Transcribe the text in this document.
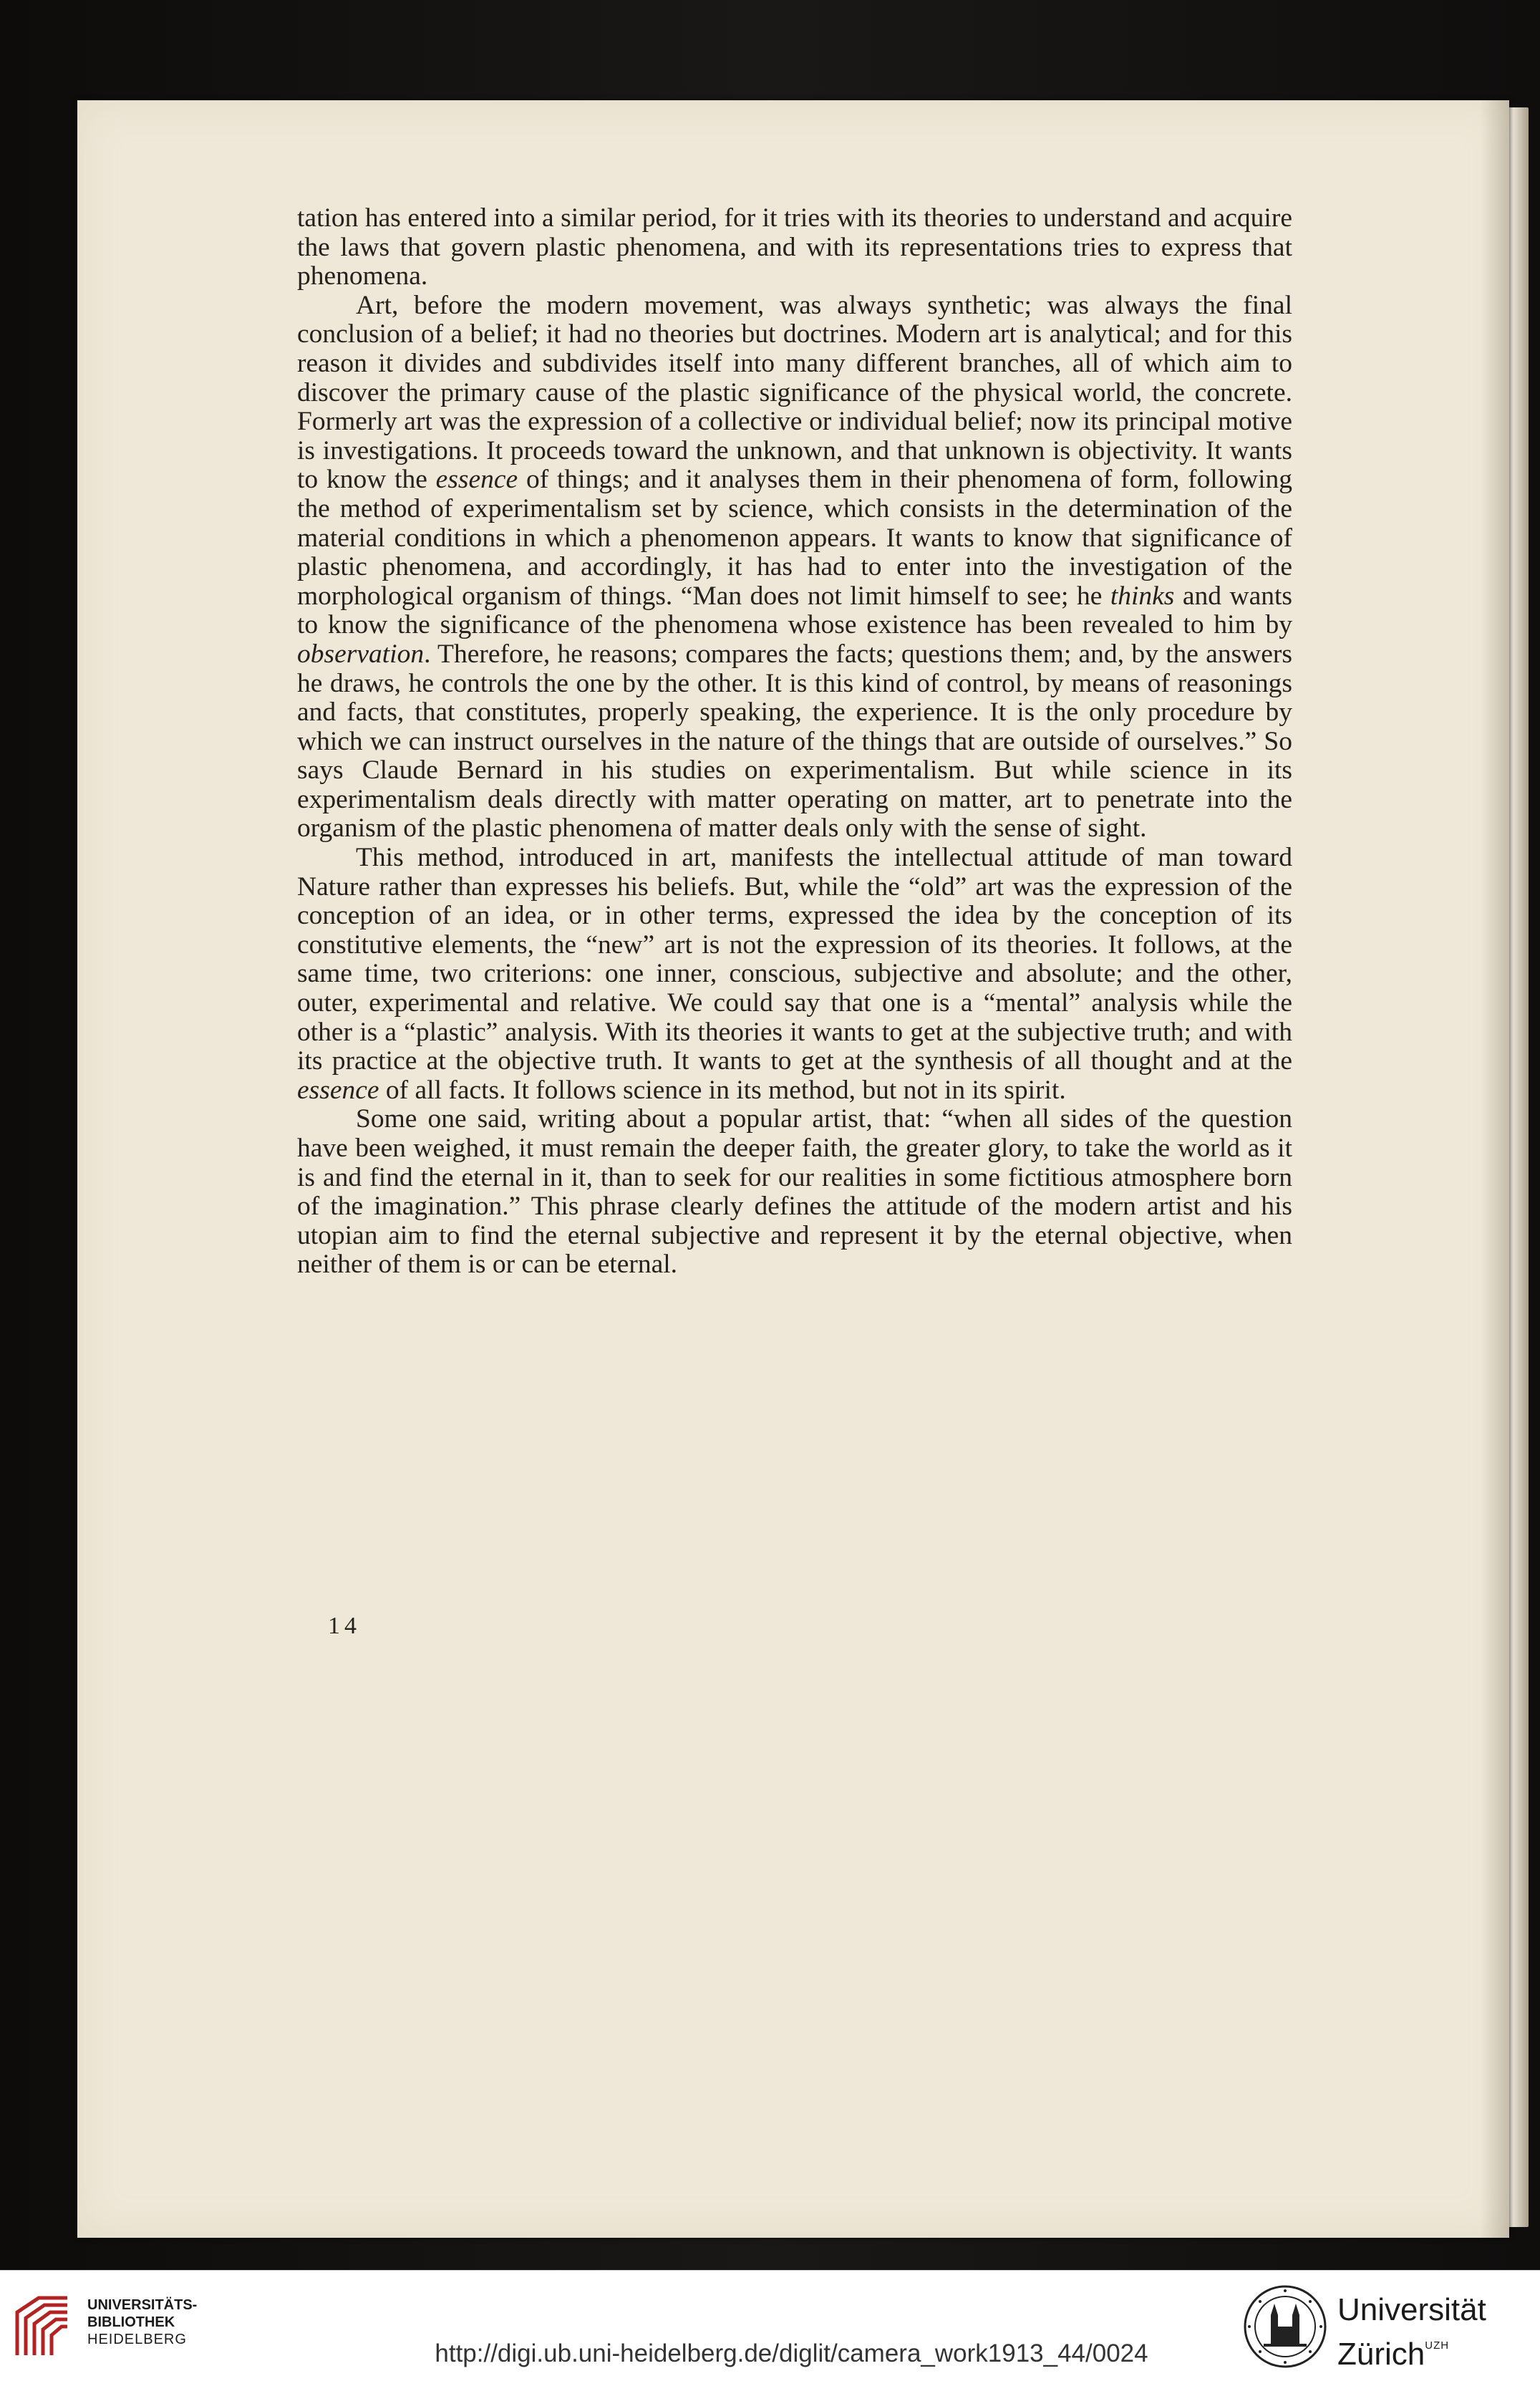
tation has entered into a similar period, for it tries with its theories to understand and acquire the laws that govern plastic phenomena, and with its representations tries to express that phenomena.

Art, before the modern movement, was always synthetic; was always the final conclusion of a belief; it had no theories but doctrines. Modern art is analytical; and for this reason it divides and subdivides itself into many different branches, all of which aim to discover the primary cause of the plastic significance of the physical world, the concrete. Formerly art was the expression of a collective or individual belief; now its principal motive is investigations. It proceeds toward the unknown, and that unknown is objectivity. It wants to know the essence of things; and it analyses them in their phenomena of form, following the method of experimentalism set by science, which consists in the determination of the material conditions in which a phenomenon appears. It wants to know that significance of plastic phenomena, and accordingly, it has had to enter into the investigation of the morphological organism of things. “Man does not limit himself to see; he thinks and wants to know the significance of the phenomena whose existence has been revealed to him by observation. Therefore, he reasons; compares the facts; questions them; and, by the answers he draws, he controls the one by the other. It is this kind of control, by means of reasonings and facts, that constitutes, properly speaking, the experience. It is the only procedure by which we can instruct ourselves in the nature of the things that are outside of ourselves.” So says Claude Bernard in his studies on experimentalism. But while science in its experimentalism deals directly with matter operating on matter, art to penetrate into the organism of the plastic phenomena of matter deals only with the sense of sight.

This method, introduced in art, manifests the intellectual attitude of man toward Nature rather than expresses his beliefs. But, while the “old” art was the expression of the conception of an idea, or in other terms, expressed the idea by the conception of its constitutive elements, the “new” art is not the expression of its theories. It follows, at the same time, two criterions: one inner, conscious, subjective and absolute; and the other, outer, experimental and relative. We could say that one is a “mental” analysis while the other is a “plastic” analysis. With its theories it wants to get at the subjective truth; and with its practice at the objective truth. It wants to get at the synthesis of all thought and at the essence of all facts. It follows science in its method, but not in its spirit.

Some one said, writing about a popular artist, that: “when all sides of the question have been weighed, it must remain the deeper faith, the greater glory, to take the world as it is and find the eternal in it, than to seek for our realities in some fictitious atmosphere born of the imagination.” This phrase clearly defines the attitude of the modern artist and his utopian aim to find the eternal subjective and represent it by the eternal objective, when neither of them is or can be eternal.

14
UNIVERSITÄTS-
BIBLIOTHEK
HEIDELBERG	http://digi.ub.uni-heidelberg.de/diglit/camera_work1913_44/0024
Universität
Zürich$^{UZH}$
